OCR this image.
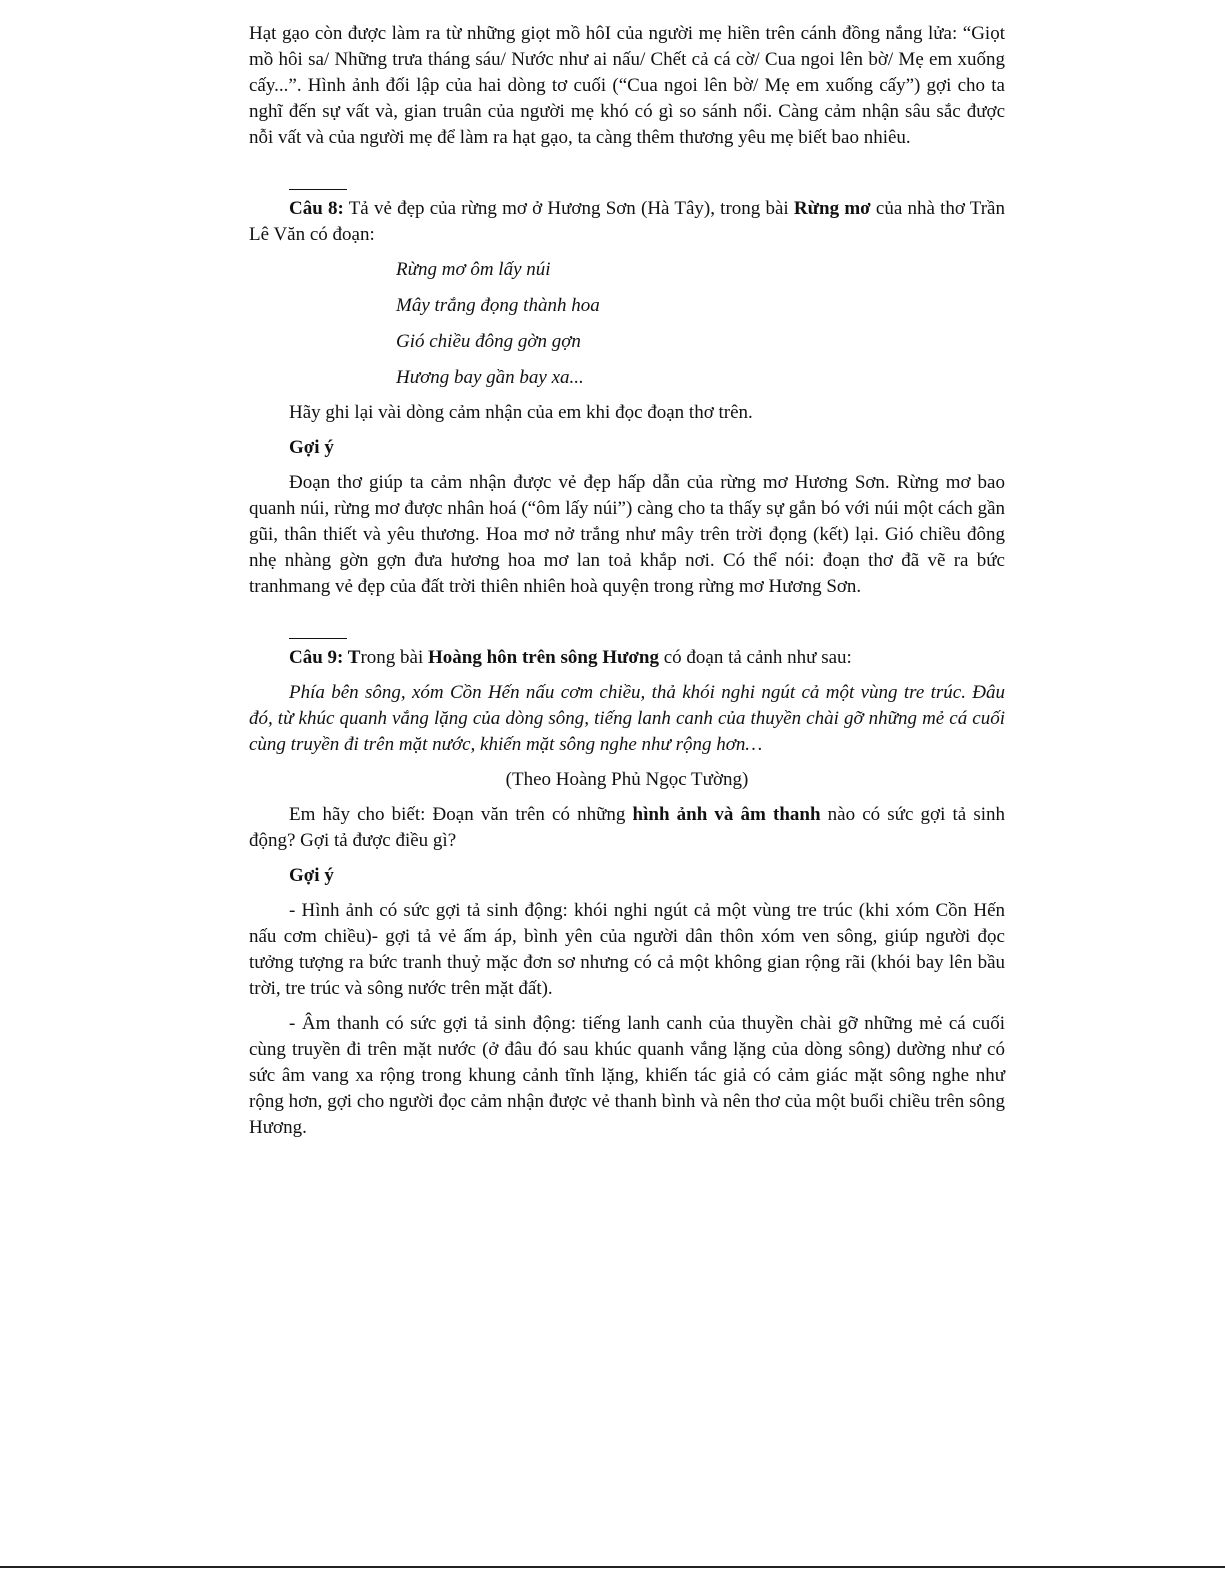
Hạt gạo còn được làm ra từ những giọt mồ hôI của người mẹ hiền trên cánh đồng nắng lửa: “Giọt mồ hôi sa/ Những trưa tháng sáu/ Nước như ai nấu/ Chết cả cá cờ/ Cua ngoi lên bờ/ Mẹ em xuống cấy...”. Hình ảnh đối lập của hai dòng tơ cuối (“Cua ngoi lên bờ/ Mẹ em xuống cấy”) gợi cho ta nghĩ đến sự vất và, gian truân của người mẹ khó có gì so sánh nổi. Càng cảm nhận sâu sắc được nỗi vất và của người mẹ để làm ra hạt gạo, ta càng thêm thương yêu mẹ biết bao nhiêu.

Câu 8: Tả vẻ đẹp của rừng mơ ở Hương Sơn (Hà Tây), trong bài Rừng mơ của nhà thơ Trần Lê Văn có đoạn:

Rừng mơ ôm lấy núi
Mây trắng đọng thành hoa
Gió chiều đông gờn gợn
Hương bay gần bay xa...

Hãy ghi lại vài dòng cảm nhận của em khi đọc đoạn thơ trên.

Gợi ý

Đoạn thơ giúp ta cảm nhận được vẻ đẹp hấp dẫn của rừng mơ Hương Sơn. Rừng mơ bao quanh núi, rừng mơ được nhân hoá (“ôm lấy núi”) càng cho ta thấy sự gắn bó với núi một cách gần gũi, thân thiết và yêu thương. Hoa mơ nở trắng như mây trên trời đọng (kết) lại. Gió chiều đông nhẹ nhàng gờn gợn đưa hương hoa mơ lan toả khắp nơi. Có thể nói: đoạn thơ đã vẽ ra bức tranhmang vẻ đẹp của đất trời thiên nhiên hoà quyện trong rừng mơ Hương Sơn.

Câu 9: Trong bài Hoàng hôn trên sông Hương có đoạn tả cảnh như sau:

Phía bên sông, xóm Cồn Hến nấu cơm chiều, thả khói nghi ngút cả một vùng tre trúc. Đâu đó, từ khúc quanh vắng lặng của dòng sông, tiếng lanh canh của thuyền chài gỡ những mẻ cá cuối cùng truyền đi trên mặt nước, khiến mặt sông nghe như rộng hơn…

(Theo Hoàng Phủ Ngọc Tường)

Em hãy cho biết: Đoạn văn trên có những hình ảnh và âm thanh nào có sức gợi tả sinh động? Gợi tả được điều gì?

Gợi ý

- Hình ảnh có sức gợi tả sinh động: khói nghi ngút cả một vùng tre trúc (khi xóm Cồn Hến nấu cơm chiều)- gợi tả vẻ ấm áp, bình yên của người dân thôn xóm ven sông, giúp người đọc tưởng tượng ra bức tranh thuỷ mặc đơn sơ nhưng có cả một không gian rộng rãi (khói bay lên bầu trời, tre trúc và sông nước trên mặt đất).

- Âm thanh có sức gợi tả sinh động: tiếng lanh canh của thuyền chài gỡ những mẻ cá cuối cùng truyền đi trên mặt nước (ở đâu đó sau khúc quanh vắng lặng của dòng sông) dường như có sức âm vang xa rộng trong khung cảnh tĩnh lặng, khiến tác giả có cảm giác mặt sông nghe như rộng hơn, gợi cho người đọc cảm nhận được vẻ thanh bình và nên thơ của một buổi chiều trên sông Hương.
